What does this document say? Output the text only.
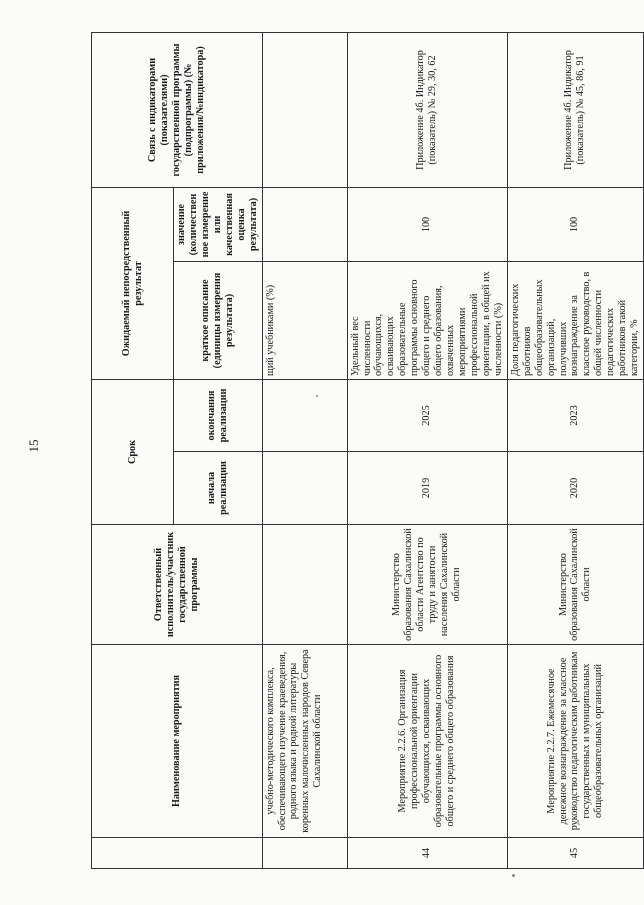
15
	Наименование мероприятия	Ответственный исполнитель/участник государственной программы	Срок		Ожидаемый непосредственный результат		Связь с индикаторами (показателями) государственной программы (подпрограммы) (№ приложения/№индикатора)
			начала реализации	окончания реализации	краткое описание (единицы измерения результата)	значение (количественное измерение или качественная оценка результата)	
	учебно-методического комплекса, обеспечивающего изучение краеведения, родного языка и родной литературы коренных малочисленных народов Севера Сахалинской области				щий учебниками (%)		
44	Мероприятие 2.2.6. Организация профессиональной ориентации обучающихся, осваивающих образовательные программы основного общего и среднего общего образования	Министерство образования Сахалинской области Агентство по труду и занятости населения Сахалинской области	2019	2025	Удельный вес численности обучающихся, осваивающих образовательные программы основного общего и среднего общего образования, охваченных мероприятиями профессиональной ориентации, в общей их численности (%)	100	Приложение 4б. Индикатор (показатель) № 29, 30, 62
45	Мероприятие 2.2.7. Ежемесячное денежное вознаграждение за классное руководство педагогическим работникам государственных и муниципальных общеобразовательных организаций	Министерство образования Сахалинской области	2020	2023	Доля педагогических работников общеобразовательных организаций, получивших вознаграждение за классное руководство, в общей численности педагогических работников такой категории, %	100	Приложение 4б. Индикатор (показатель) № 45, 86, 91
